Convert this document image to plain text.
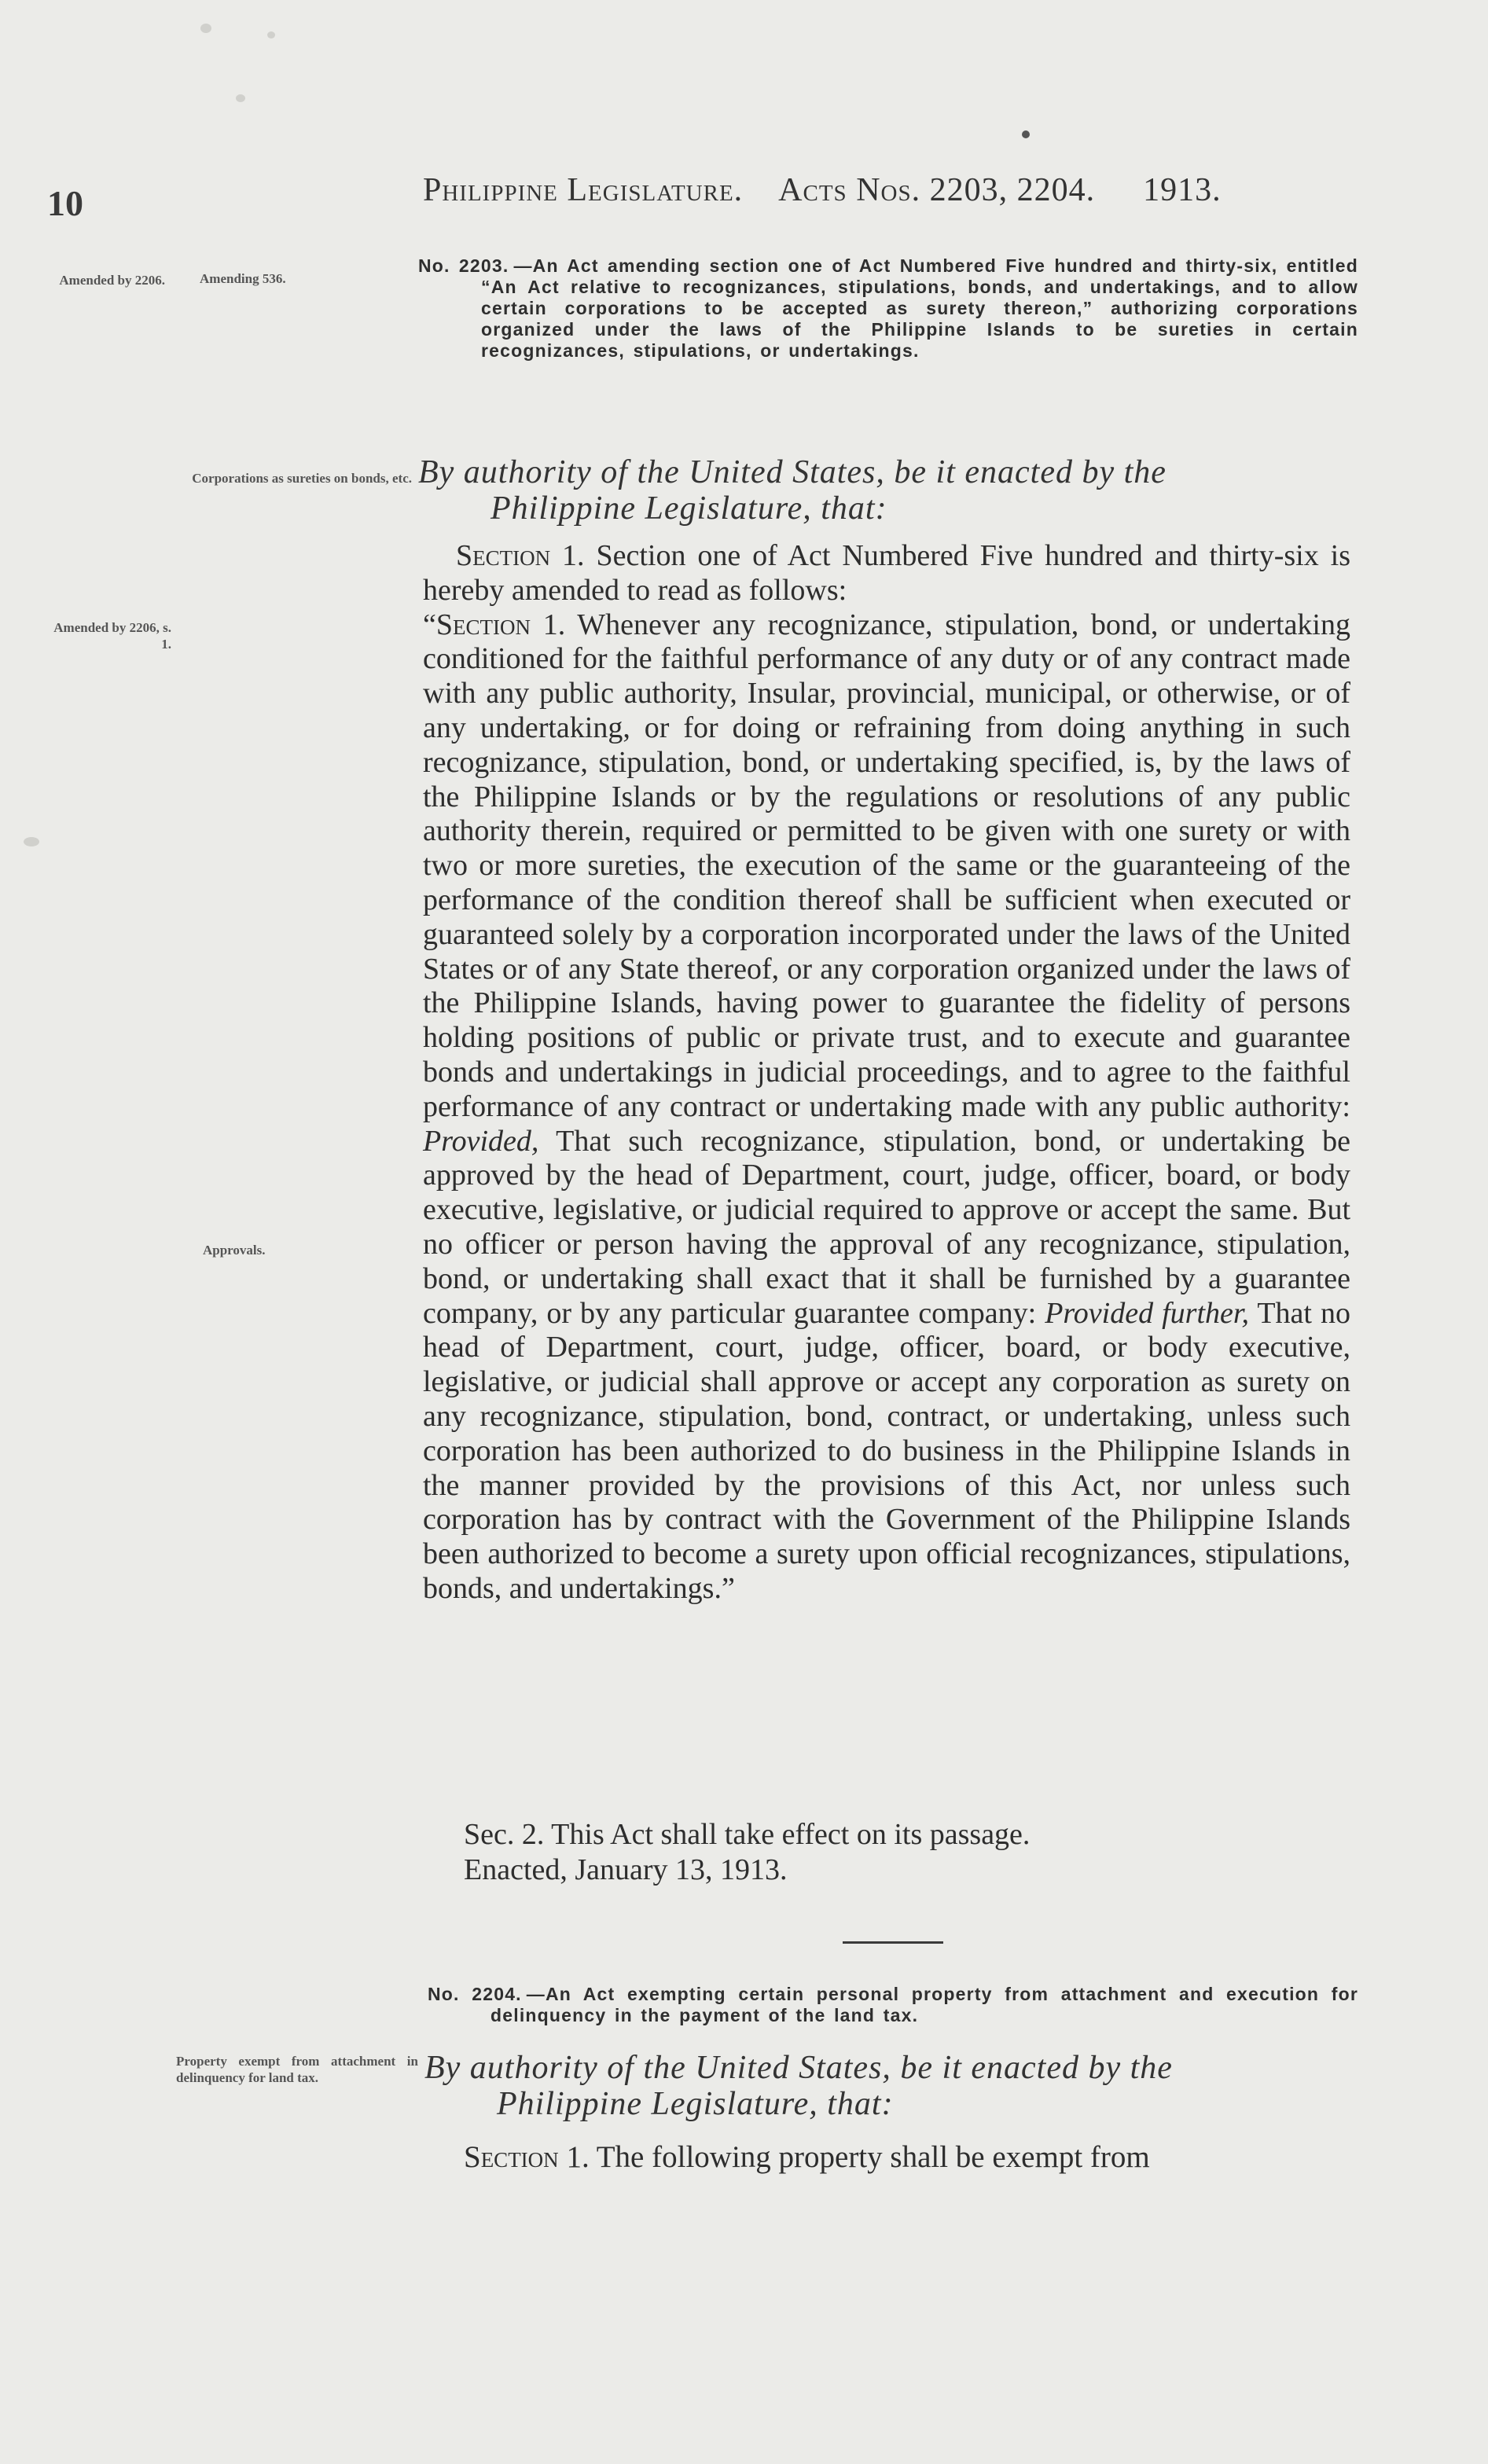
10	Philippine Legislature. Acts Nos. 2203, 2204. 1913.
Amended by 2206.	Amending 536.
Corporations as sureties on bonds, etc.
Amended by 2206, s. 1.
Approvals.
Property exempt from attachment in delinquency for land tax.
No. 2203. —An Act amending section one of Act Numbered Five hundred and thirty-six, entitled “An Act relative to recognizances, stipulations, bonds, and undertakings, and to allow certain corporations to be accepted as surety thereon,” authorizing corporations organized under the laws of the Philippine Islands to be sureties in certain recognizances, stipulations, or undertakings.
By authority of the United States, be it enacted by the
Philippine Legislature, that:

Section 1. Section one of Act Numbered Five hundred and thirty-six is hereby amended to read as follows:

“Section 1. Whenever any recognizance, stipulation, bond, or undertaking conditioned for the faithful performance of any duty or of any contract made with any public authority, Insular, provincial, municipal, or otherwise, or of any undertaking, or for doing or refraining from doing anything in such recognizance, stipulation, bond, or undertaking specified, is, by the laws of the Philippine Islands or by the regulations or resolutions of any public authority therein, required or permitted to be given with one surety or with two or more sureties, the execution of the same or the guaranteeing of the performance of the condition thereof shall be sufficient when executed or guaranteed solely by a corporation incorporated under the laws of the United States or of any State thereof, or any corporation organized under the laws of the Philippine Islands, having power to guarantee the fidelity of persons holding positions of public or private trust, and to execute and guarantee bonds and undertakings in judicial proceedings, and to agree to the faithful performance of any contract or undertaking made with any public authority: Provided, That such recognizance, stipulation, bond, or undertaking be approved by the head of Department, court, judge, officer, board, or body executive, legislative, or judicial required to approve or accept the same. But no officer or person having the approval of any recognizance, stipulation, bond, or undertaking shall exact that it shall be furnished by a guarantee company, or by any particular guarantee company: Provided further, That no head of Department, court, judge, officer, board, or body executive, legislative, or judicial shall approve or accept any corporation as surety on any recognizance, stipulation, bond, contract, or undertaking, unless such corporation has been authorized to do business in the Philippine Islands in the manner provided by the provisions of this Act, nor unless such corporation has by contract with the Government of the Philippine Islands been authorized to become a surety upon official recognizances, stipulations, bonds, and undertakings.”

Sec. 2. This Act shall take effect on its passage.
Enacted, January 13, 1913.
No. 2204. —An Act exempting certain personal property from attachment and execution for delinquency in the payment of the land tax.
By authority of the United States, be it enacted by the
Philippine Legislature, that:
Section 1. The following property shall be exempt from
